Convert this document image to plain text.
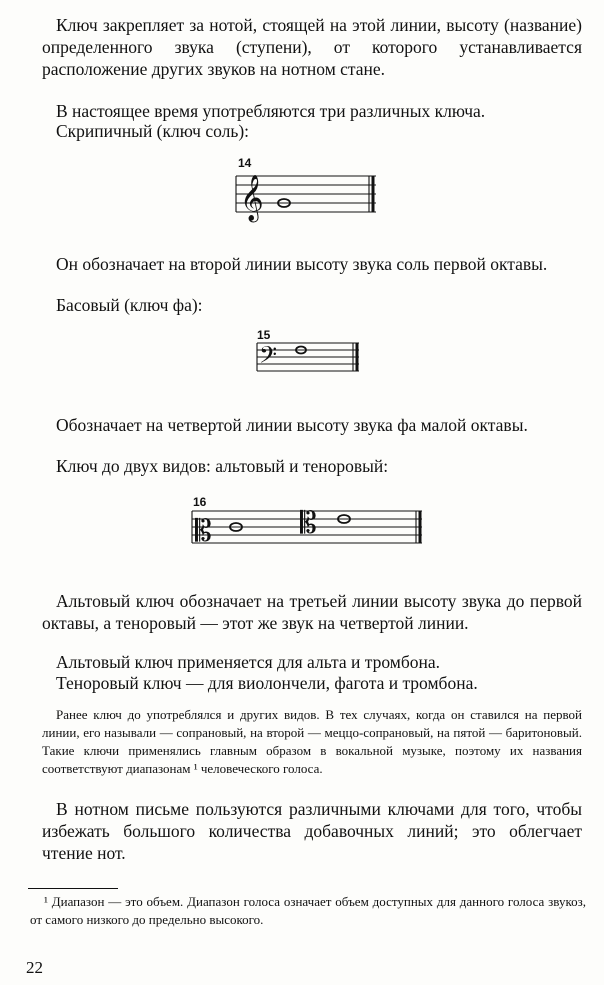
Ключ закрепляет за нотой, стоящей на этой линии, высоту (название) определенного звука (ступени), от которого устанавливается расположение других звуков на нотном стане.

В настоящее время употребляются три различных ключа.

Скрипичный (ключ соль):

14
𝄞

Он обозначает на второй линии высоту звука соль первой октавы.

Басовый (ключ фа):

15
𝄢

Обозначает на четвертой линии высоту звука фа малой октавы.

Ключ до двух видов: альтовый и теноровый:

16
𝄡	𝄡

Альтовый ключ обозначает на третьей линии высоту звука до первой октавы, а теноровый — этот же звук на четвертой линии.

Альтовый ключ применяется для альта и тромбона.

Теноровый ключ — для виолончели, фагота и тромбона.

Ранее ключ до употреблялся и других видов. В тех случаях, когда он ставился на первой линии, его называли — сопрановый, на второй — меццо-сопрановый, на пятой — баритоновый. Такие ключи применялись главным образом в вокальной музыке, поэтому их названия соответствуют диапазонам ¹ человеческого голоса.

В нотном письме пользуются различными ключами для того, чтобы избежать большого количества добавочных линий; это облегчает чтение нот.

¹ Диапазон — это объем. Диапазон голоса означает объем доступных для данного голоса звукоз, от самого низкого до предельно высокого.

22
